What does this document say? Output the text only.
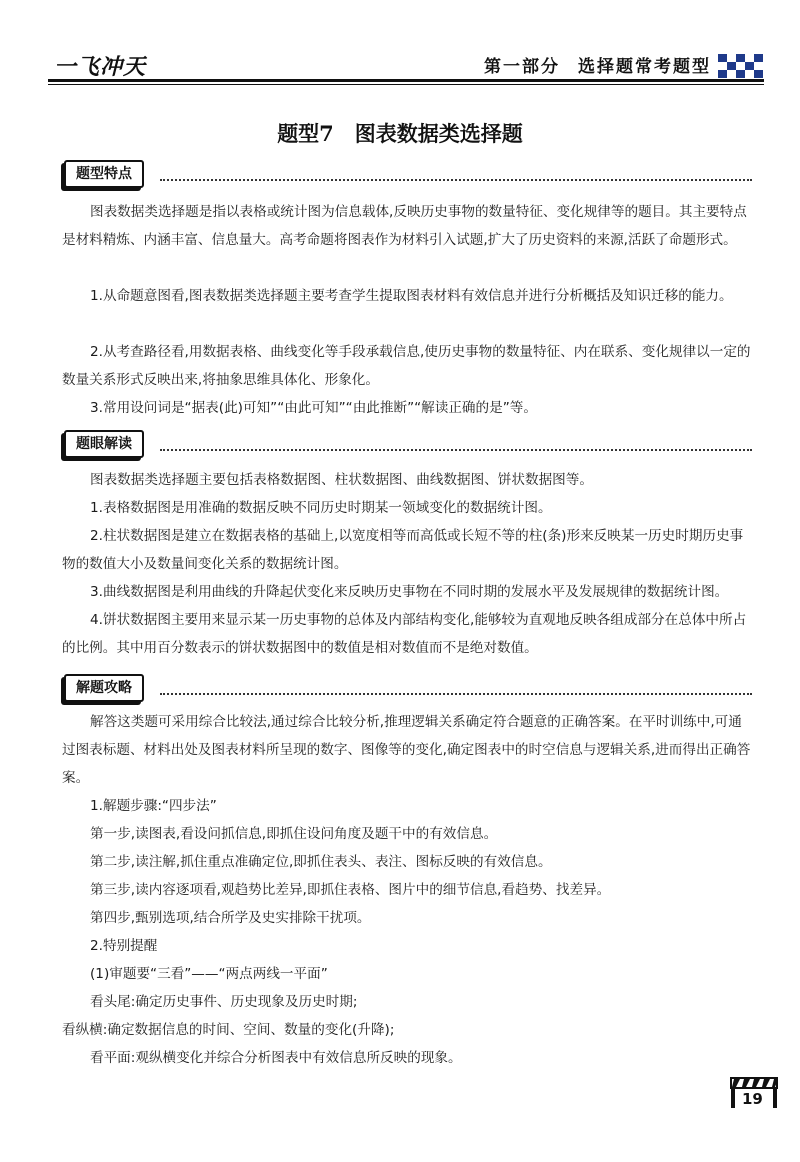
一飞冲天	第一部分 选择题常考题型
题型7　图表数据类选择题
题型特点
图表数据类选择题是指以表格或统计图为信息载体,反映历史事物的数量特征、变化规律等的题目。其主要特点是材料精炼、内涵丰富、信息量大。高考命题将图表作为材料引入试题,扩大了历史资料的来源,活跃了命题形式。
1.从命题意图看,图表数据类选择题主要考查学生提取图表材料有效信息并进行分析概括及知识迁移的能力。
2.从考查路径看,用数据表格、曲线变化等手段承载信息,使历史事物的数量特征、内在联系、变化规律以一定的数量关系形式反映出来,将抽象思维具体化、形象化。
3.常用设问词是“据表(此)可知”“由此可知”“由此推断”“解读正确的是”等。
题眼解读
图表数据类选择题主要包括表格数据图、柱状数据图、曲线数据图、饼状数据图等。
1.表格数据图是用准确的数据反映不同历史时期某一领域变化的数据统计图。
2.柱状数据图是建立在数据表格的基础上,以宽度相等而高低或长短不等的柱(条)形来反映某一历史时期历史事物的数值大小及数量间变化关系的数据统计图。
3.曲线数据图是利用曲线的升降起伏变化来反映历史事物在不同时期的发展水平及发展规律的数据统计图。
4.饼状数据图主要用来显示某一历史事物的总体及内部结构变化,能够较为直观地反映各组成部分在总体中所占的比例。其中用百分数表示的饼状数据图中的数值是相对数值而不是绝对数值。
解题攻略
解答这类题可采用综合比较法,通过综合比较分析,推理逻辑关系确定符合题意的正确答案。在平时训练中,可通过图表标题、材料出处及图表材料所呈现的数字、图像等的变化,确定图表中的时空信息与逻辑关系,进而得出正确答案。
1.解题步骤:“四步法”
第一步,读图表,看设问抓信息,即抓住设问角度及题干中的有效信息。
第二步,读注解,抓住重点准确定位,即抓住表头、表注、图标反映的有效信息。
第三步,读内容逐项看,观趋势比差异,即抓住表格、图片中的细节信息,看趋势、找差异。
第四步,甄别选项,结合所学及史实排除干扰项。
2.特别提醒
(1)审题要“三看”——“两点两线一平面”
看头尾:确定历史事件、历史现象及历史时期;
看纵横:确定数据信息的时间、空间、数量的变化(升降);
看平面:观纵横变化并综合分析图表中有效信息所反映的现象。
19
